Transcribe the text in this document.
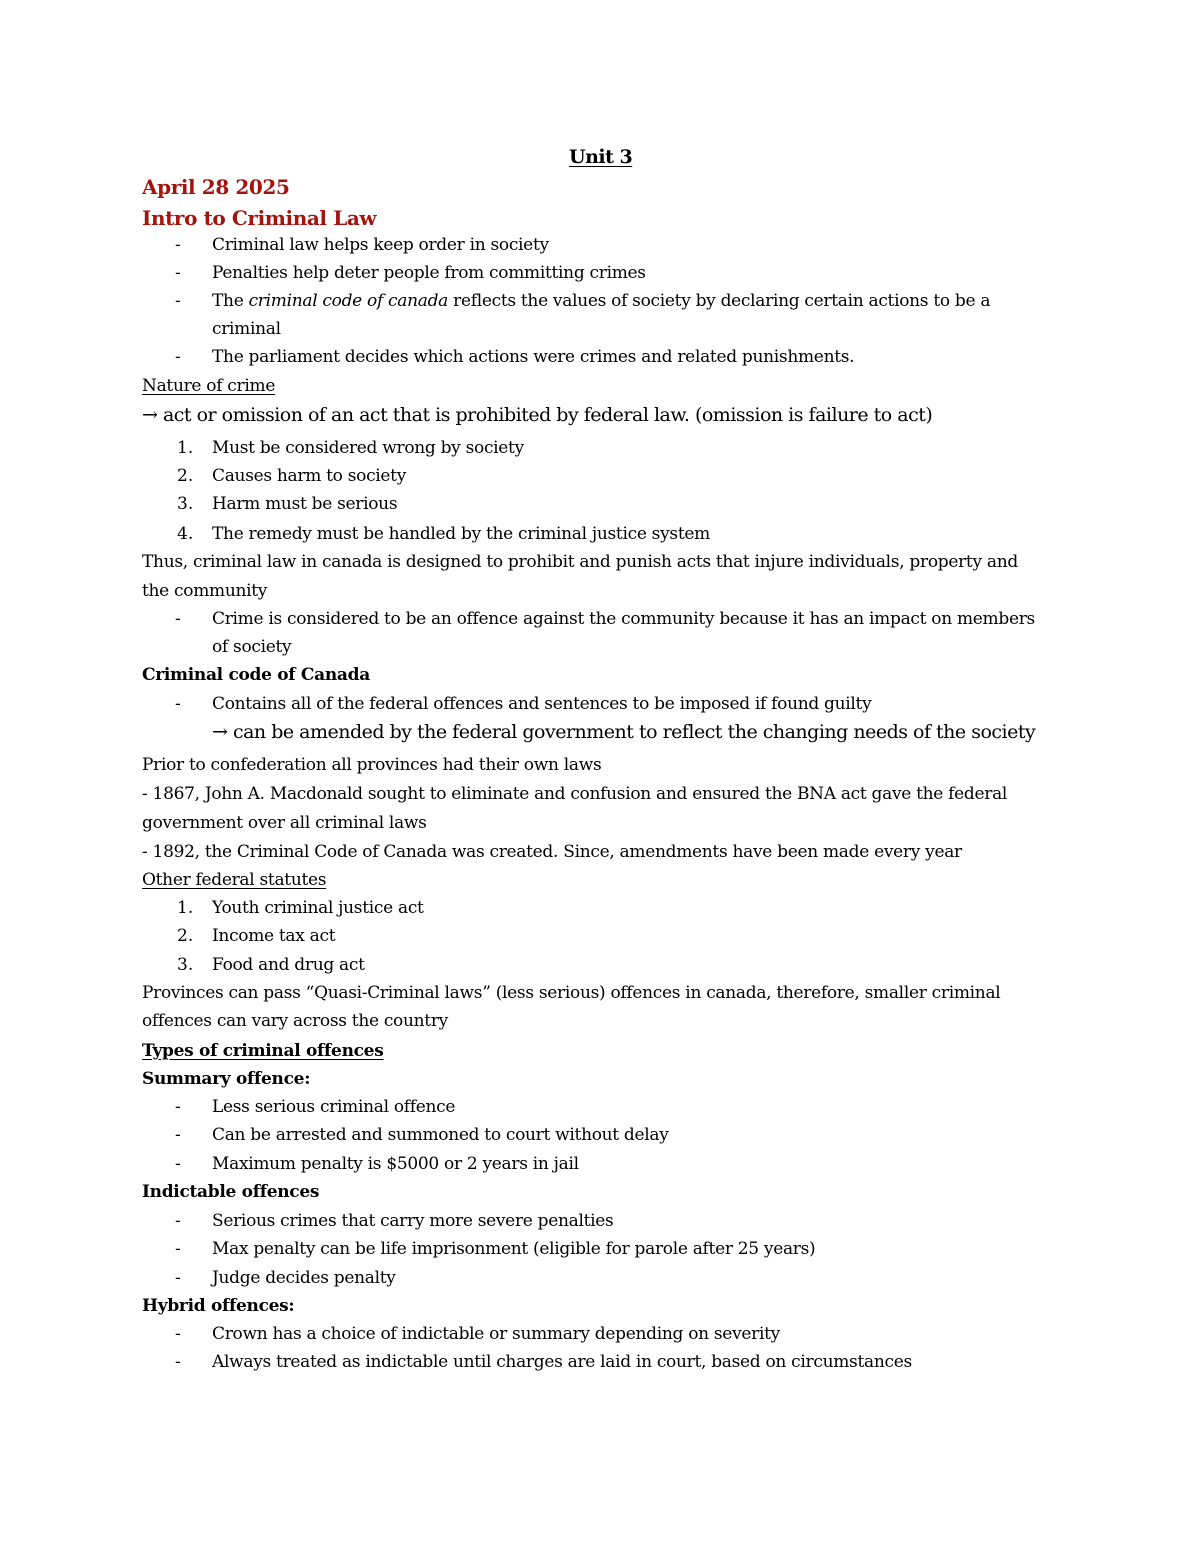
Unit 3
April 28 2025
Intro to Criminal Law
- Criminal law helps keep order in society
- Penalties help deter people from committing crimes
- The criminal code of canada reflects the values of society by declaring certain actions to be a
criminal
- The parliament decides which actions were crimes and related punishments.
Nature of crime
→ act or omission of an act that is prohibited by federal law. (omission is failure to act)
1. Must be considered wrong by society
2. Causes harm to society
3. Harm must be serious
4. The remedy must be handled by the criminal justice system
Thus, criminal law in canada is designed to prohibit and punish acts that injure individuals, property and
the community
- Crime is considered to be an offence against the community because it has an impact on members
of society
Criminal code of Canada
- Contains all of the federal offences and sentences to be imposed if found guilty
→ can be amended by the federal government to reflect the changing needs of the society
Prior to confederation all provinces had their own laws
- 1867, John A. Macdonald sought to eliminate and confusion and ensured the BNA act gave the federal
government over all criminal laws
- 1892, the Criminal Code of Canada was created. Since, amendments have been made every year
Other federal statutes
1. Youth criminal justice act
2. Income tax act
3. Food and drug act
Provinces can pass “Quasi-Criminal laws” (less serious) offences in canada, therefore, smaller criminal
offences can vary across the country
Types of criminal offences
Summary offence:
- Less serious criminal offence
- Can be arrested and summoned to court without delay
- Maximum penalty is $5000 or 2 years in jail
Indictable offences
- Serious crimes that carry more severe penalties
- Max penalty can be life imprisonment (eligible for parole after 25 years)
- Judge decides penalty
Hybrid offences:
- Crown has a choice of indictable or summary depending on severity
- Always treated as indictable until charges are laid in court, based on circumstances
